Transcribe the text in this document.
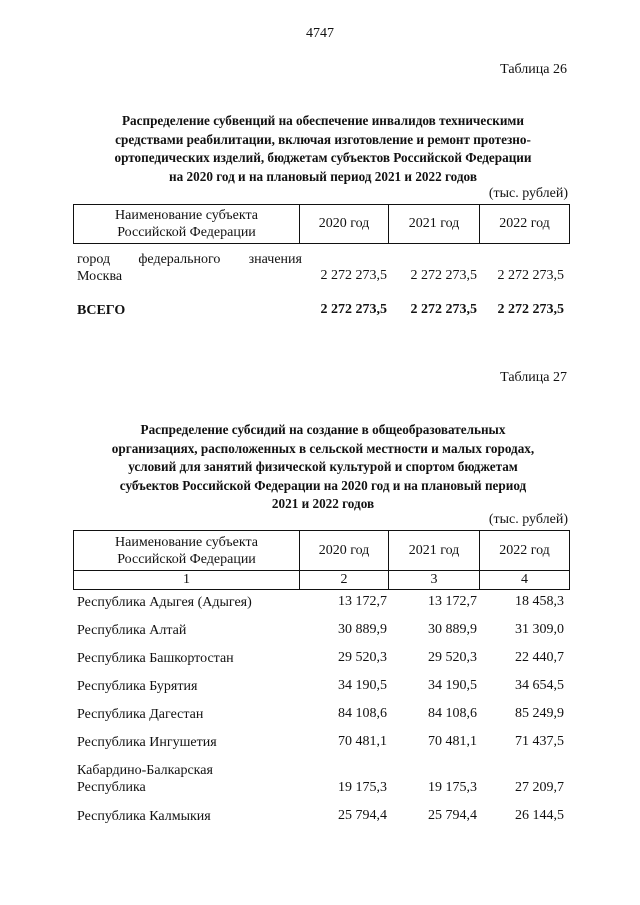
4747
Таблица 26
Распределение субвенций на обеспечение инвалидов техническими
средствами реабилитации, включая изготовление и ремонт протезно-
ортопедических изделий, бюджетам субъектов Российской Федерации
на 2020 год и на плановый период 2021 и 2022 годов
(тыс. рублей)
Наименование субъекта
Российской Федерации
	2020 год	2021 год	2022 год
город федерального значения
Москва	2 272 273,5	2 272 273,5	2 272 273,5
ВСЕГО	2 272 273,5	2 272 273,5	2 272 273,5
Таблица 27
Распределение субсидий на создание в общеобразовательных
организациях, расположенных в сельской местности и малых городах,
условий для занятий физической культурой и спортом бюджетам
субъектов Российской Федерации на 2020 год и на плановый период
2021 и 2022 годов
(тыс. рублей)
Наименование субъекта
Российской Федерации	2020 год	2021 год	2022 год
1	2	3	4
Республика Адыгея (Адыгея)	13 172,7	13 172,7	18 458,3
Республика Алтай	30 889,9	30 889,9	31 309,0
Республика Башкортостан	29 520,3	29 520,3	22 440,7
Республика Бурятия	34 190,5	34 190,5	34 654,5
Республика Дагестан	84 108,6	84 108,6	85 249,9
Республика Ингушетия	70 481,1	70 481,1	71 437,5
Кабардино-Балкарская
Республика	19 175,3	19 175,3	27 209,7
Республика Калмыкия	25 794,4	25 794,4	26 144,5
